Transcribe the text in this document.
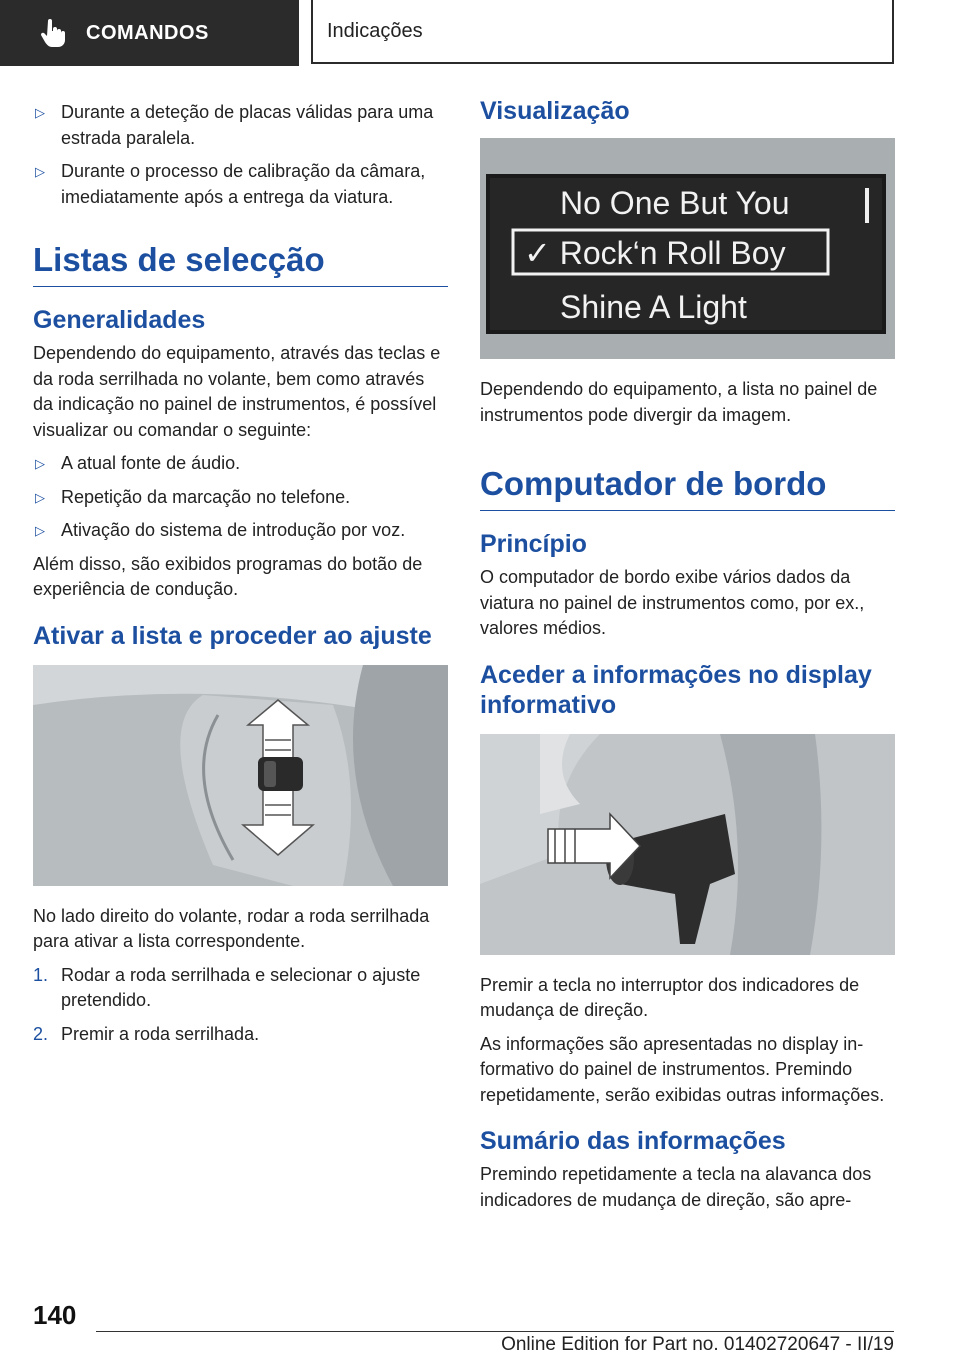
COMANDOS	Indicações
▷ Durante a deteção de placas válidas para uma estrada paralela.
▷ Durante o processo de calibração da câmara, imediatamente após a entrega da viatura.
Listas de selecção
Generalidades

Dependendo do equipamento, através das teclas e da roda serrilhada no volante, bem como através da indicação no painel de instrumentos, é possível visualizar ou comandar o seguinte:

▷ A atual fonte de áudio.
▷ Repetição da marcação no telefone.
▷ Ativação do sistema de introdução por voz.

Além disso, são exibidos programas do botão de experiência de condução.

Ativar a lista e proceder ao ajuste

No lado direito do volante, rodar a roda serrilhada para ativar a lista correspondente.

1. Rodar a roda serrilhada e selecionar o ajuste pretendido.
2. Premir a roda serrilhada.
Visualização
No One But You
✓ Rock‘n Roll Boy
Shine A Light

Dependendo do equipamento, a lista no painel de instrumentos pode divergir da imagem.

Computador de bordo
Princípio

O computador de bordo exibe vários dados da viatura no painel de instrumentos como, por ex., valores médios.

Aceder a informações no display informativo

Premir a tecla no interruptor dos indicadores de mudança de direção.

As informações são apresentadas no display informativo do painel de instrumentos. Premindo repetidamente, serão exibidas outras informações.

Sumário das informações

Premindo repetidamente a tecla na alavanca dos indicadores de mudança de direção, são apre-

140
Online Edition for Part no. 01402720647 - II/19
